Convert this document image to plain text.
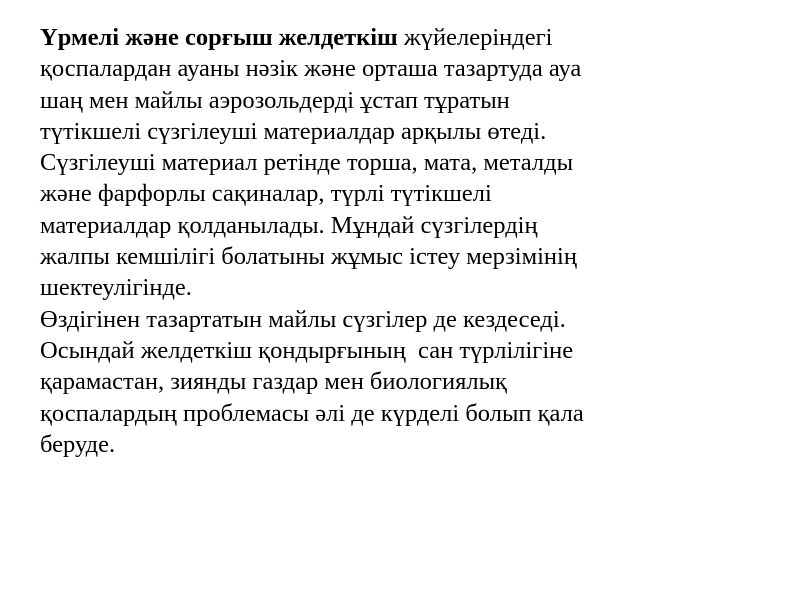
Үрмелі және сорғыш желдеткіш жүйелеріндегі

қоспалардан ауаны нәзік және орташа тазартуда ауа

шаң мен майлы аэрозольдерді ұстап тұратын

түтікшелі сүзгілеуші материалдар арқылы өтеді.

Сүзгілеуші материал ретінде торша, мата, металды

және фарфорлы сақиналар, түрлі түтікшелі

материалдар қолданылады. Мұндай сүзгілердің

жалпы кемшілігі болатыны жұмыс істеу мерзімінің

шектеулігінде.

Өздігінен тазартатын майлы сүзгілер де кездеседі.

Осындай желдеткіш қондырғының  сан түрлілігіне

қарамастан, зиянды газдар мен биологиялық

қоспалардың проблемасы әлі де күрделі болып қала

беруде.
